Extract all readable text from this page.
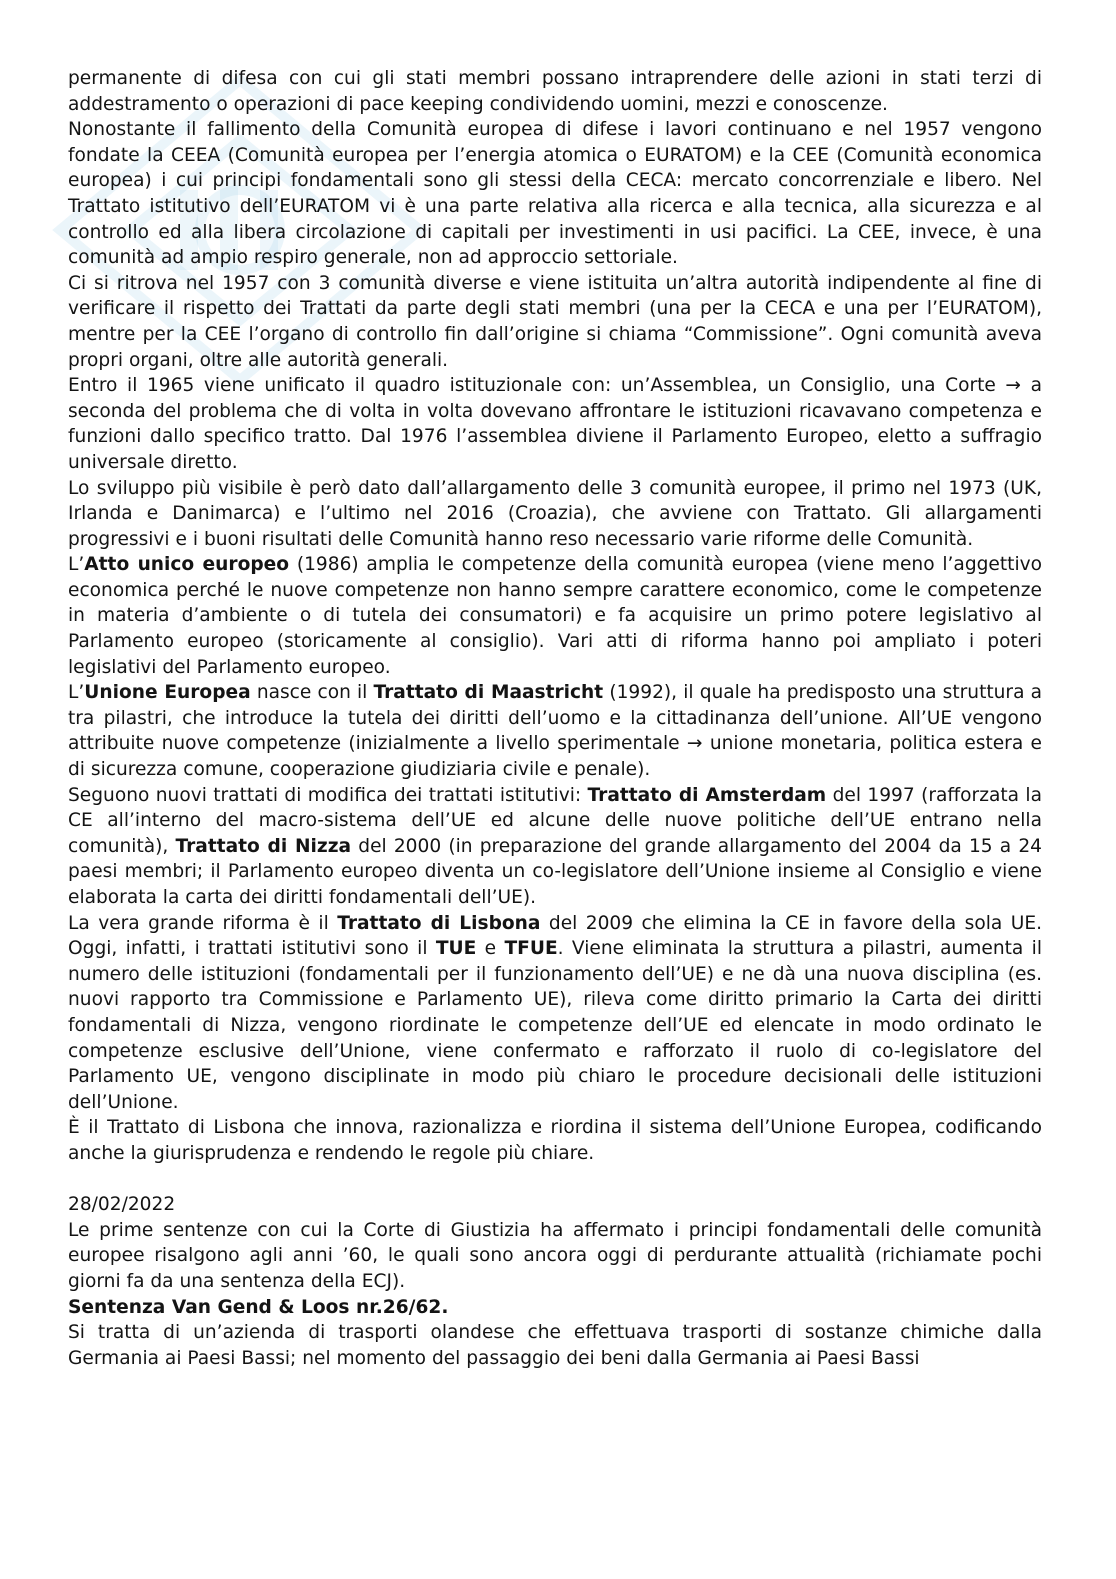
permanente di difesa con cui gli stati membri possano intraprendere delle azioni in stati terzi di addestramento o operazioni di pace keeping condividendo uomini, mezzi e conoscenze.

Nonostante il fallimento della Comunità europea di difese i lavori continuano e nel 1957 vengono fondate la CEEA (Comunità europea per l’energia atomica o EURATOM) e la CEE (Comunità economica europea) i cui principi fondamentali sono gli stessi della CECA: mercato concorrenziale e libero. Nel Trattato istitutivo dell’EURATOM vi è una parte relativa alla ricerca e alla tecnica, alla sicurezza e al controllo ed alla libera circolazione di capitali per investimenti in usi pacifici. La CEE, invece, è una comunità ad ampio respiro generale, non ad approccio settoriale.

Ci si ritrova nel 1957 con 3 comunità diverse e viene istituita un’altra autorità indipendente al fine di verificare il rispetto dei Trattati da parte degli stati membri (una per la CECA e una per l’EURATOM), mentre per la CEE l’organo di controllo fin dall’origine si chiama “Commissione”. Ogni comunità aveva propri organi, oltre alle autorità generali.

Entro il 1965 viene unificato il quadro istituzionale con: un’Assemblea, un Consiglio, una Corte → a seconda del problema che di volta in volta dovevano affrontare le istituzioni ricavavano competenza e funzioni dallo specifico tratto. Dal 1976 l’assemblea diviene il Parlamento Europeo, eletto a suffragio universale diretto.

Lo sviluppo più visibile è però dato dall’allargamento delle 3 comunità europee, il primo nel 1973 (UK, Irlanda e Danimarca) e l’ultimo nel 2016 (Croazia), che avviene con Trattato. Gli allargamenti progressivi e i buoni risultati delle Comunità hanno reso necessario varie riforme delle Comunità.

L’Atto unico europeo (1986) amplia le competenze della comunità europea (viene meno l’aggettivo economica perché le nuove competenze non hanno sempre carattere economico, come le competenze in materia d’ambiente o di tutela dei consumatori) e fa acquisire un primo potere legislativo al Parlamento europeo (storicamente al consiglio). Vari atti di riforma hanno poi ampliato i poteri legislativi del Parlamento europeo.

L’Unione Europea nasce con il Trattato di Maastricht (1992), il quale ha predisposto una struttura a tra pilastri, che introduce la tutela dei diritti dell’uomo e la cittadinanza dell’unione. All’UE vengono attribuite nuove competenze (inizialmente a livello sperimentale → unione monetaria, politica estera e di sicurezza comune, cooperazione giudiziaria civile e penale).

Seguono nuovi trattati di modifica dei trattati istitutivi: Trattato di Amsterdam del 1997 (rafforzata la CE all’interno del macro-sistema dell’UE ed alcune delle nuove politiche dell’UE entrano nella comunità), Trattato di Nizza del 2000 (in preparazione del grande allargamento del 2004 da 15 a 24 paesi membri; il Parlamento europeo diventa un co-legislatore dell’Unione insieme al Consiglio e viene elaborata la carta dei diritti fondamentali dell’UE).

La vera grande riforma è il Trattato di Lisbona del 2009 che elimina la CE in favore della sola UE. Oggi, infatti, i trattati istitutivi sono il TUE e TFUE. Viene eliminata la struttura a pilastri, aumenta il numero delle istituzioni (fondamentali per il funzionamento dell’UE) e ne dà una nuova disciplina (es. nuovi rapporto tra Commissione e Parlamento UE), rileva come diritto primario la Carta dei diritti fondamentali di Nizza, vengono riordinate le competenze dell’UE ed elencate in modo ordinato le competenze esclusive dell’Unione, viene confermato e rafforzato il ruolo di co-legislatore del Parlamento UE, vengono disciplinate in modo più chiaro le procedure decisionali delle istituzioni dell’Unione.

È il Trattato di Lisbona che innova, razionalizza e riordina il sistema dell’Unione Europea, codificando anche la giurisprudenza e rendendo le regole più chiare.

28/02/2022

Le prime sentenze con cui la Corte di Giustizia ha affermato i principi fondamentali delle comunità europee risalgono agli anni ’60, le quali sono ancora oggi di perdurante attualità (richiamate pochi giorni fa da una sentenza della ECJ).

Sentenza Van Gend & Loos nr.26/62.

Si tratta di un’azienda di trasporti olandese che effettuava trasporti di sostanze chimiche dalla Germania ai Paesi Bassi; nel momento del passaggio dei beni dalla Germania ai Paesi Bassi
